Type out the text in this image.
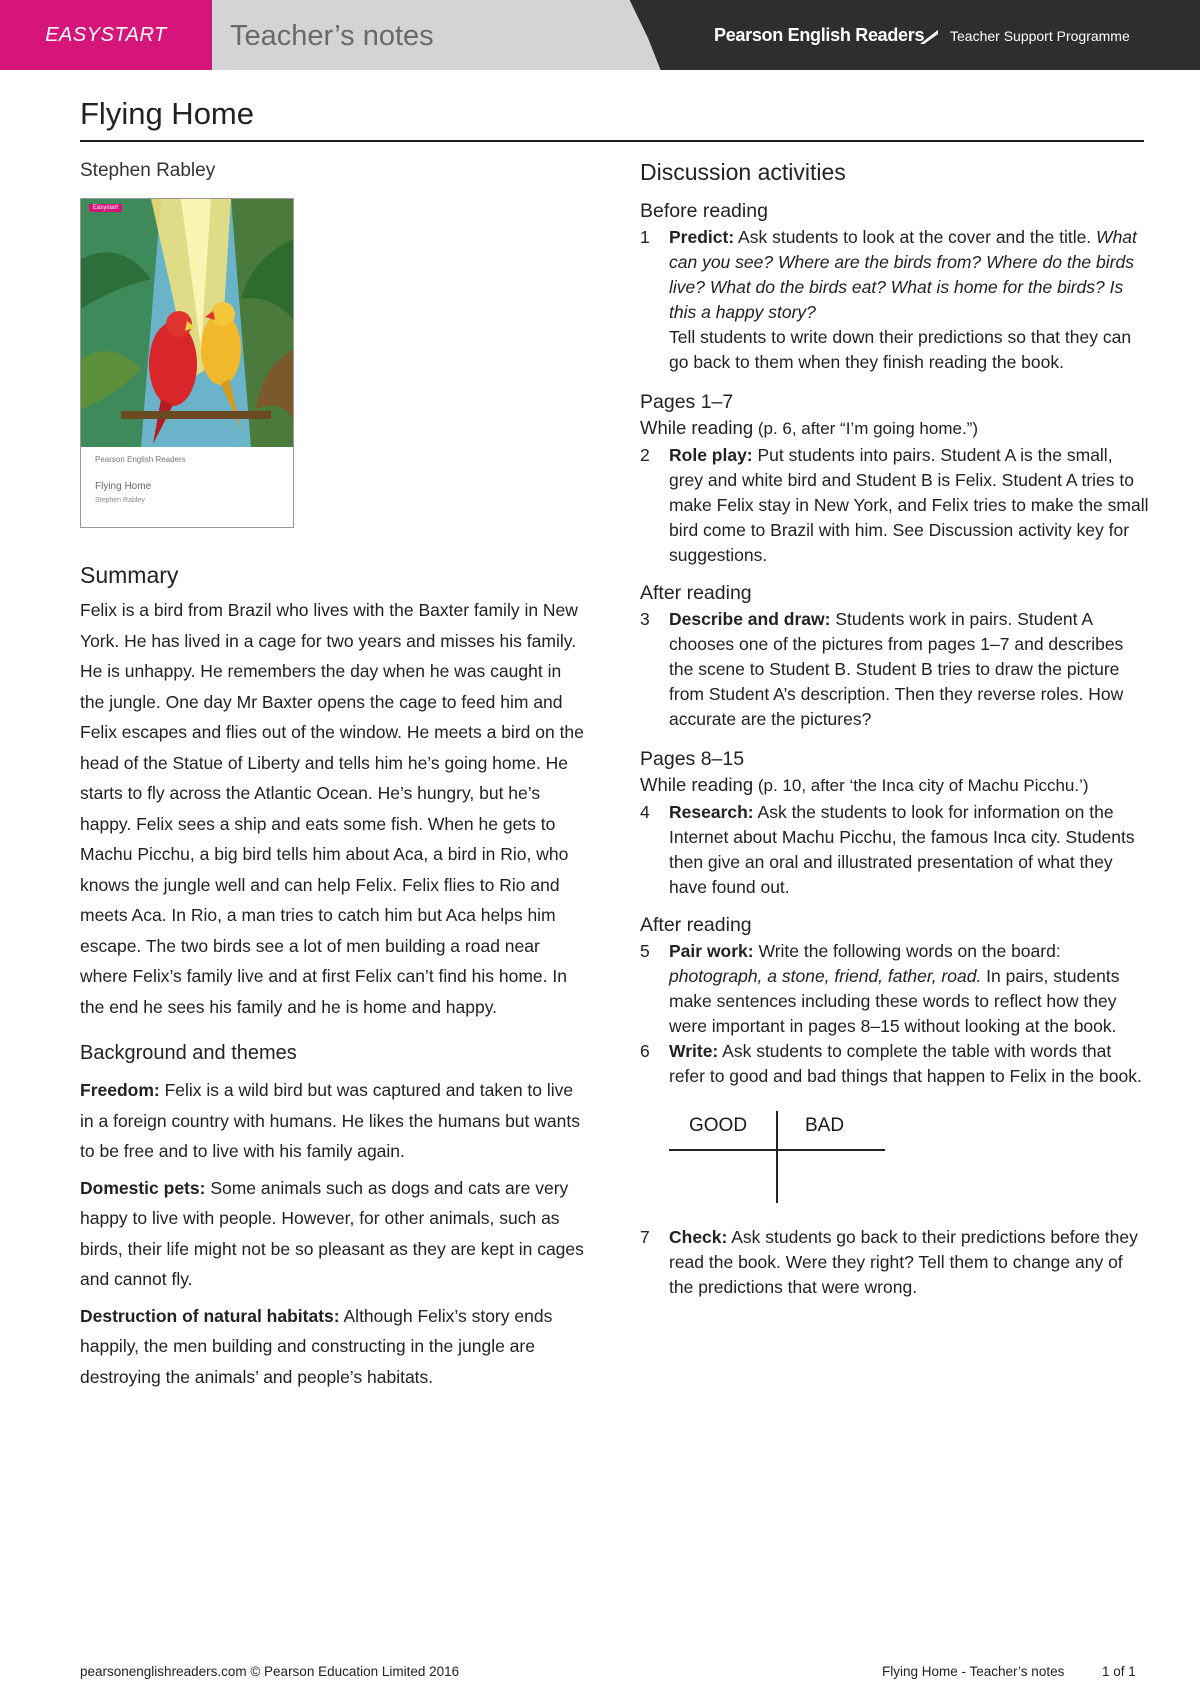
EASYSTART	Teacher’s notes	Pearson English Readers Teacher Support Programme
Flying Home
Stephen Rabley
Easystart
Pearson English Readers
Flying Home
Stephen Rabley
Summary

Felix is a bird from Brazil who lives with the Baxter family in New York. He has lived in a cage for two years and misses his family. He is unhappy. He remembers the day when he was caught in the jungle. One day Mr Baxter opens the cage to feed him and Felix escapes and flies out of the window. He meets a bird on the head of the Statue of Liberty and tells him he’s going home. He starts to fly across the Atlantic Ocean. He’s hungry, but he’s happy. Felix sees a ship and eats some fish. When he gets to Machu Picchu, a big bird tells him about Aca, a bird in Rio, who knows the jungle well and can help Felix. Felix flies to Rio and meets Aca. In Rio, a man tries to catch him but Aca helps him escape. The two birds see a lot of men building a road near where Felix’s family live and at first Felix can’t find his home. In the end he sees his family and he is home and happy.

Background and themes

Freedom: Felix is a wild bird but was captured and taken to live in a foreign country with humans. He likes the humans but wants to be free and to live with his family again.

Domestic pets: Some animals such as dogs and cats are very happy to live with people. However, for other animals, such as birds, their life might not be so pleasant as they are kept in cages and cannot fly.

Destruction of natural habitats: Although Felix’s story ends happily, the men building and constructing in the jungle are destroying the animals’ and people’s habitats.

Discussion activities
Before reading
1 Predict: Ask students to look at the cover and the title. What can you see? Where are the birds from? Where do the birds live? What do the birds eat? What is home for the birds? Is this a happy story?
Tell students to write down their predictions so that they can go back to them when they finish reading the book.
Pages 1–7
While reading (p. 6, after “I’m going home.”)
2 Role play: Put students into pairs. Student A is the small, grey and white bird and Student B is Felix. Student A tries to make Felix stay in New York, and Felix tries to make the small bird come to Brazil with him. See Discussion activity key for suggestions.
After reading
3 Describe and draw: Students work in pairs. Student A chooses one of the pictures from pages 1–7 and describes the scene to Student B. Student B tries to draw the picture from Student A’s description. Then they reverse roles. How accurate are the pictures?
Pages 8–15
While reading (p. 10, after ‘the Inca city of Machu Picchu.’)
4 Research: Ask the students to look for information on the Internet about Machu Picchu, the famous Inca city. Students then give an oral and illustrated presentation of what they have found out.
After reading
5 Pair work: Write the following words on the board: photograph, a stone, friend, father, road. In pairs, students make sentences including these words to reflect how they were important in pages 8–15 without looking at the book.
6 Write: Ask students to complete the table with words that refer to good and bad things that happen to Felix in the book.
GOOD	BAD
7 Check: Ask students go back to their predictions before they read the book. Were they right? Tell them to change any of the predictions that were wrong.
pearsonenglishreaders.com © Pearson Education Limited 2016	Flying Home - Teacher’s notes	1 of 1
